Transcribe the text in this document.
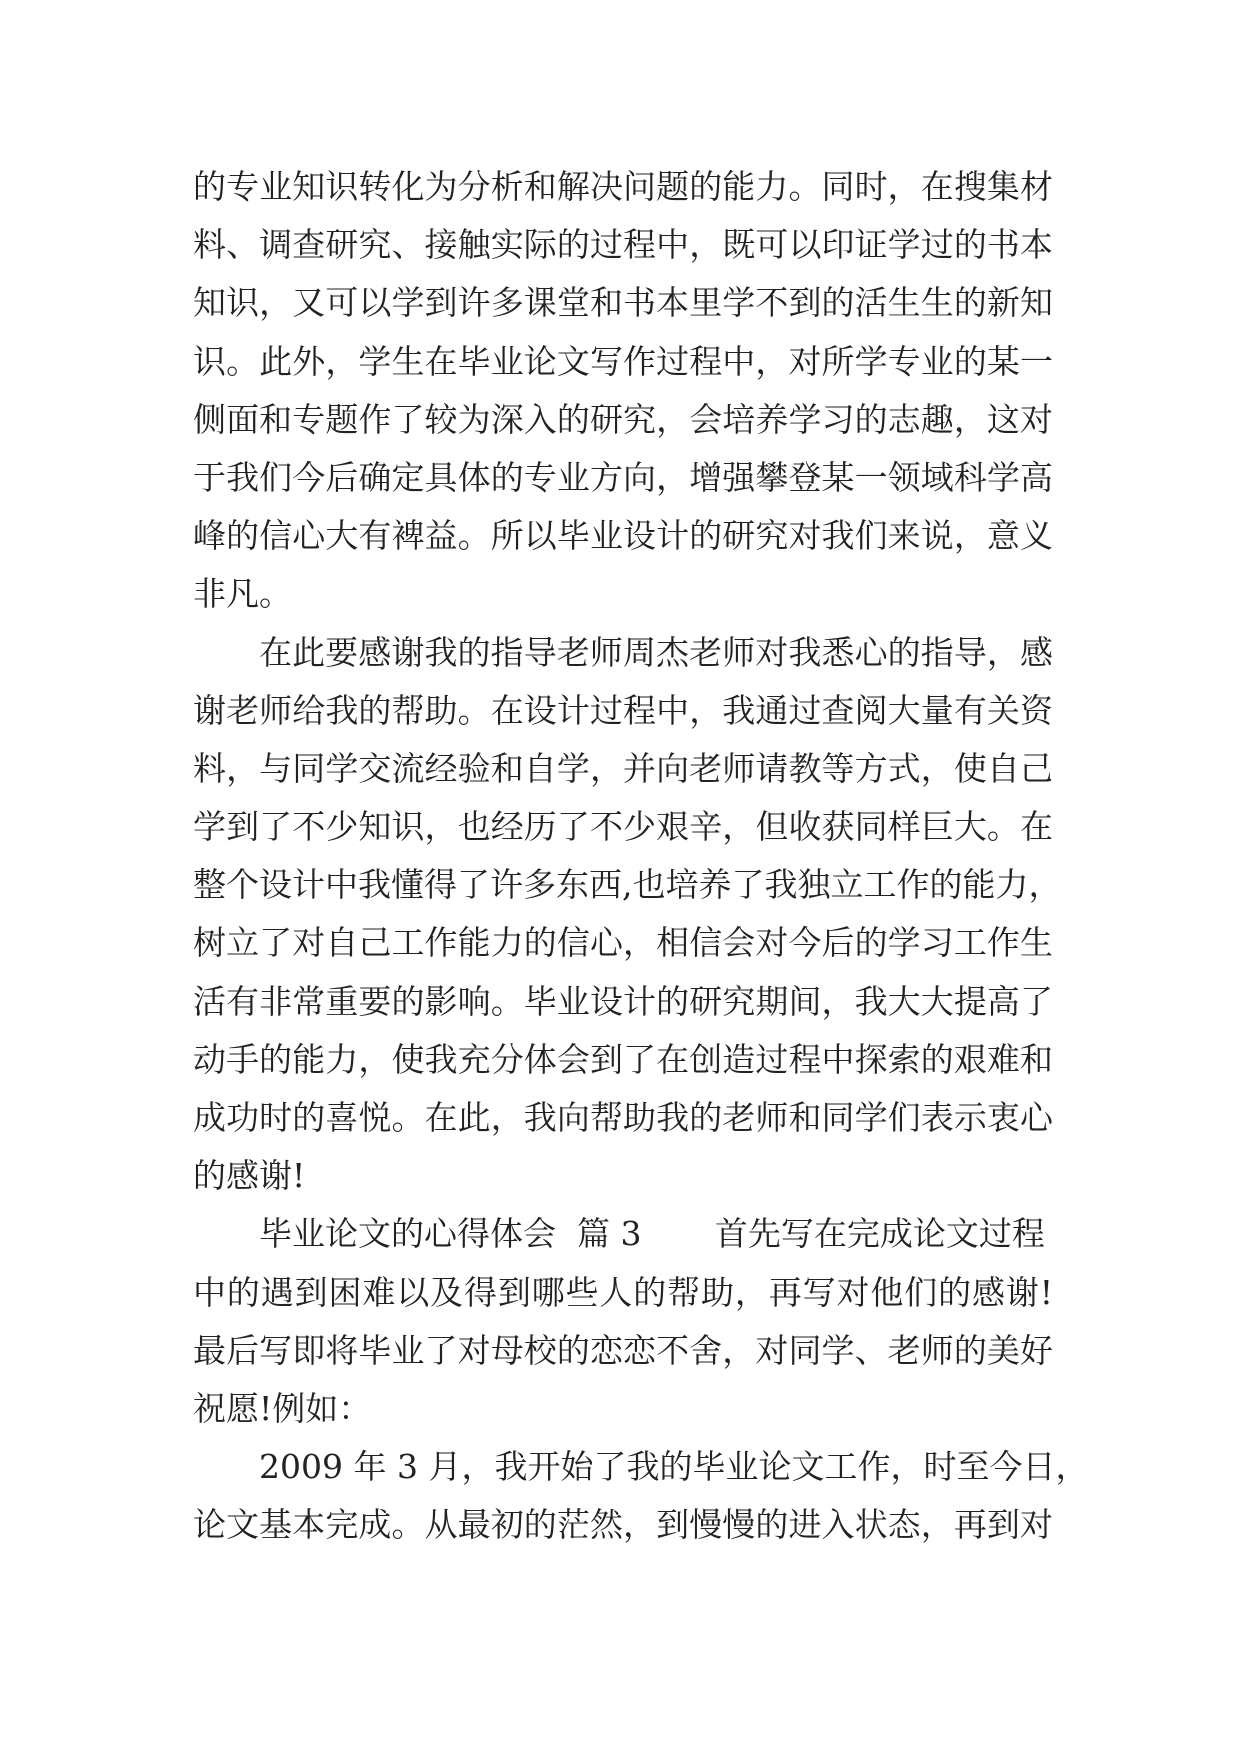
的专业知识转化为分析和解决问题的能力。同时，在搜集材
料、调查研究、接触实际的过程中，既可以印证学过的书本
知识，又可以学到许多课堂和书本里学不到的活生生的新知
识。此外，学生在毕业论文写作过程中，对所学专业的某一
侧面和专题作了较为深入的研究，会培养学习的志趣，这对
于我们今后确定具体的专业方向，增强攀登某一领域科学高
峰的信心大有裨益。所以毕业设计的研究对我们来说，意义
非凡。
在此要感谢我的指导老师周杰老师对我悉心的指导，感
谢老师给我的帮助。在设计过程中，我通过查阅大量有关资
料，与同学交流经验和自学，并向老师请教等方式，使自己
学到了不少知识，也经历了不少艰辛，但收获同样巨大。在
整个设计中我懂得了许多东西,也培养了我独立工作的能力，
树立了对自己工作能力的信心，相信会对今后的学习工作生
活有非常重要的影响。毕业设计的研究期间，我大大提高了
动手的能力，使我充分体会到了在创造过程中探索的艰难和
成功时的喜悦。在此，我向帮助我的老师和同学们表示衷心
的感谢!
毕业论文的心得体会  篇 3       首先写在完成论文过程
中的遇到困难以及得到哪些人的帮助，再写对他们的感谢!
最后写即将毕业了对母校的恋恋不舍，对同学、老师的美好
祝愿!例如：
2009 年 3 月，我开始了我的毕业论文工作，时至今日，
论文基本完成。从最初的茫然，到慢慢的进入状态，再到对
